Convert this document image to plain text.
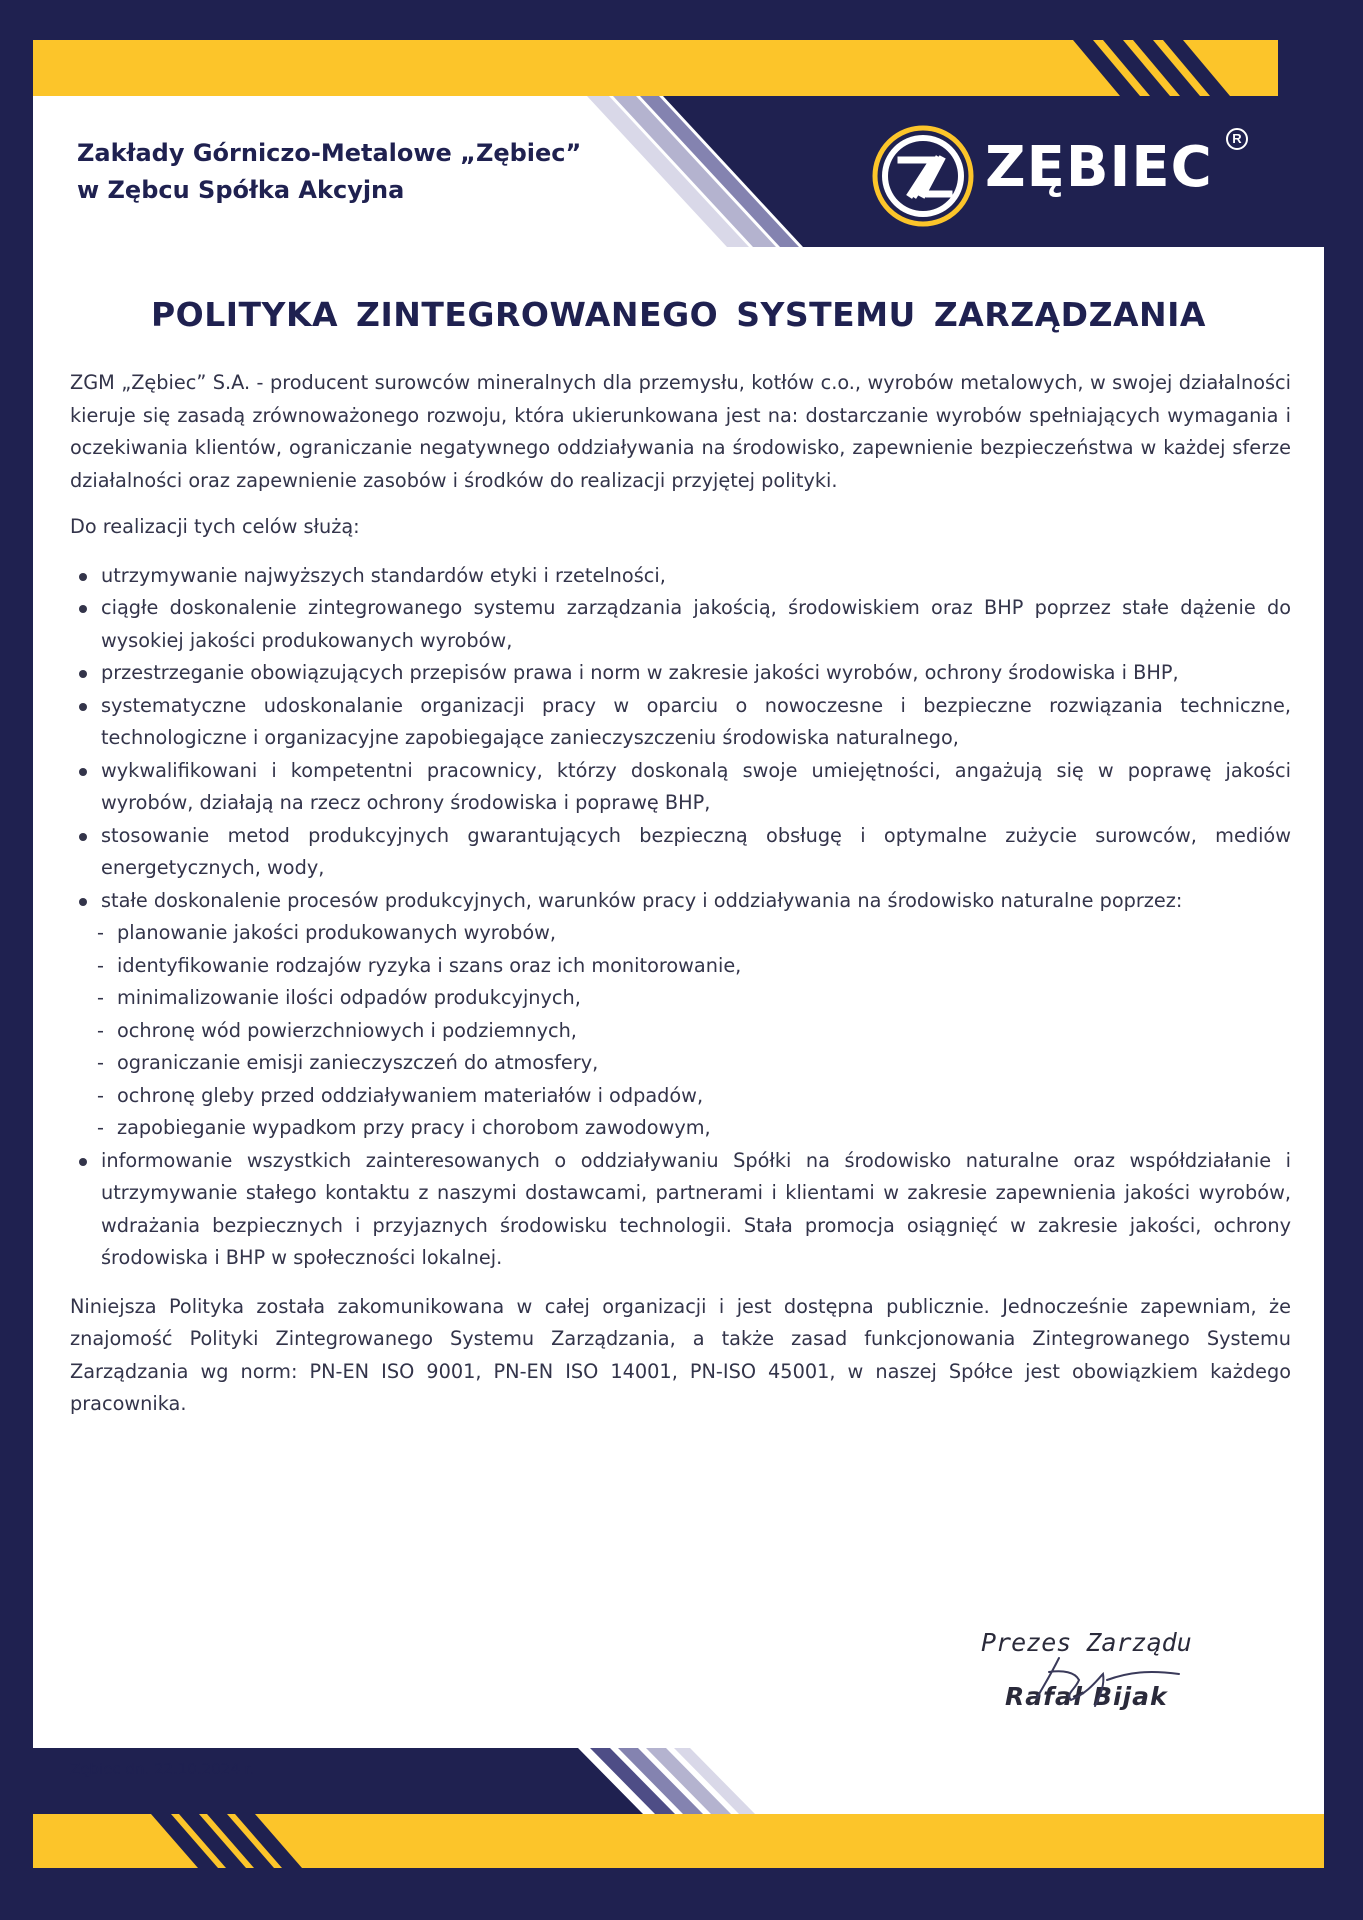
Zakłady Górniczo-Metalowe „Zębiec”
w Zębcu Spółka Akcyjna	ZĘBIEC	R
POLITYKA ZINTEGROWANEGO SYSTEMU ZARZĄDZANIA

ZGM „Zębiec” S.A. - producent surowców mineralnych dla przemysłu, kotłów c.o., wyrobów metalowych, w swojej działalności kieruje się zasadą zrównoważonego rozwoju, która ukierunkowana jest na: dostarczanie wyrobów spełniających wymagania i oczekiwania klientów, ograniczanie negatywnego oddziaływania na środowisko, zapewnienie bezpieczeństwa w każdej sferze działalności oraz zapewnienie zasobów i środków do realizacji przyjętej polityki.

Do realizacji tych celów służą:

utrzymywanie najwyższych standardów etyki i rzetelności,
ciągłe doskonalenie zintegrowanego systemu zarządzania jakością, środowiskiem oraz BHP poprzez stałe dążenie do wysokiej jakości produkowanych wyrobów,
przestrzeganie obowiązujących przepisów prawa i norm w zakresie jakości wyrobów, ochrony środowiska i BHP,
systematyczne udoskonalanie organizacji pracy w oparciu o nowoczesne i bezpieczne rozwiązania techniczne, technologiczne i organizacyjne zapobiegające zanieczyszczeniu środowiska naturalnego,
wykwalifikowani i kompetentni pracownicy, którzy doskonalą swoje umiejętności, angażują się w poprawę jakości wyrobów, działają na rzecz ochrony środowiska i poprawę BHP,
stosowanie metod produkcyjnych gwarantujących bezpieczną obsługę i optymalne zużycie surowców, mediów energetycznych, wody,
stałe doskonalenie procesów produkcyjnych, warunków pracy i oddziaływania na środowisko naturalne poprzez:
- planowanie jakości produkowanych wyrobów,
- identyfikowanie rodzajów ryzyka i szans oraz ich monitorowanie,
- minimalizowanie ilości odpadów produkcyjnych,
- ochronę wód powierzchniowych i podziemnych,
- ograniczanie emisji zanieczyszczeń do atmosfery,
- ochronę gleby przed oddziaływaniem materiałów i odpadów,
- zapobieganie wypadkom przy pracy i chorobom zawodowym,
informowanie wszystkich zainteresowanych o oddziaływaniu Spółki na środowisko naturalne oraz współdziałanie i utrzymywanie stałego kontaktu z naszymi dostawcami, partnerami i klientami w zakresie zapewnienia jakości wyrobów, wdrażania bezpiecznych i przyjaznych środowisku technologii. Stała promocja osiągnięć w zakresie jakości, ochrony środowiska i BHP w społeczności lokalnej.

Niniejsza Polityka została zakomunikowana w całej organizacji i jest dostępna publicznie. Jednocześnie zapewniam, że znajomość Polityki Zintegrowanego Systemu Zarządzania, a także zasad funkcjonowania Zintegrowanego Systemu Zarządzania wg norm: PN-EN ISO 9001, PN-EN ISO 14001, PN-ISO 45001, w naszej Spółce jest obowiązkiem każdego pracownika.

Prezes Zarządu
Rafał Bijak
Zębiec dn. 22.10.2024 r.
